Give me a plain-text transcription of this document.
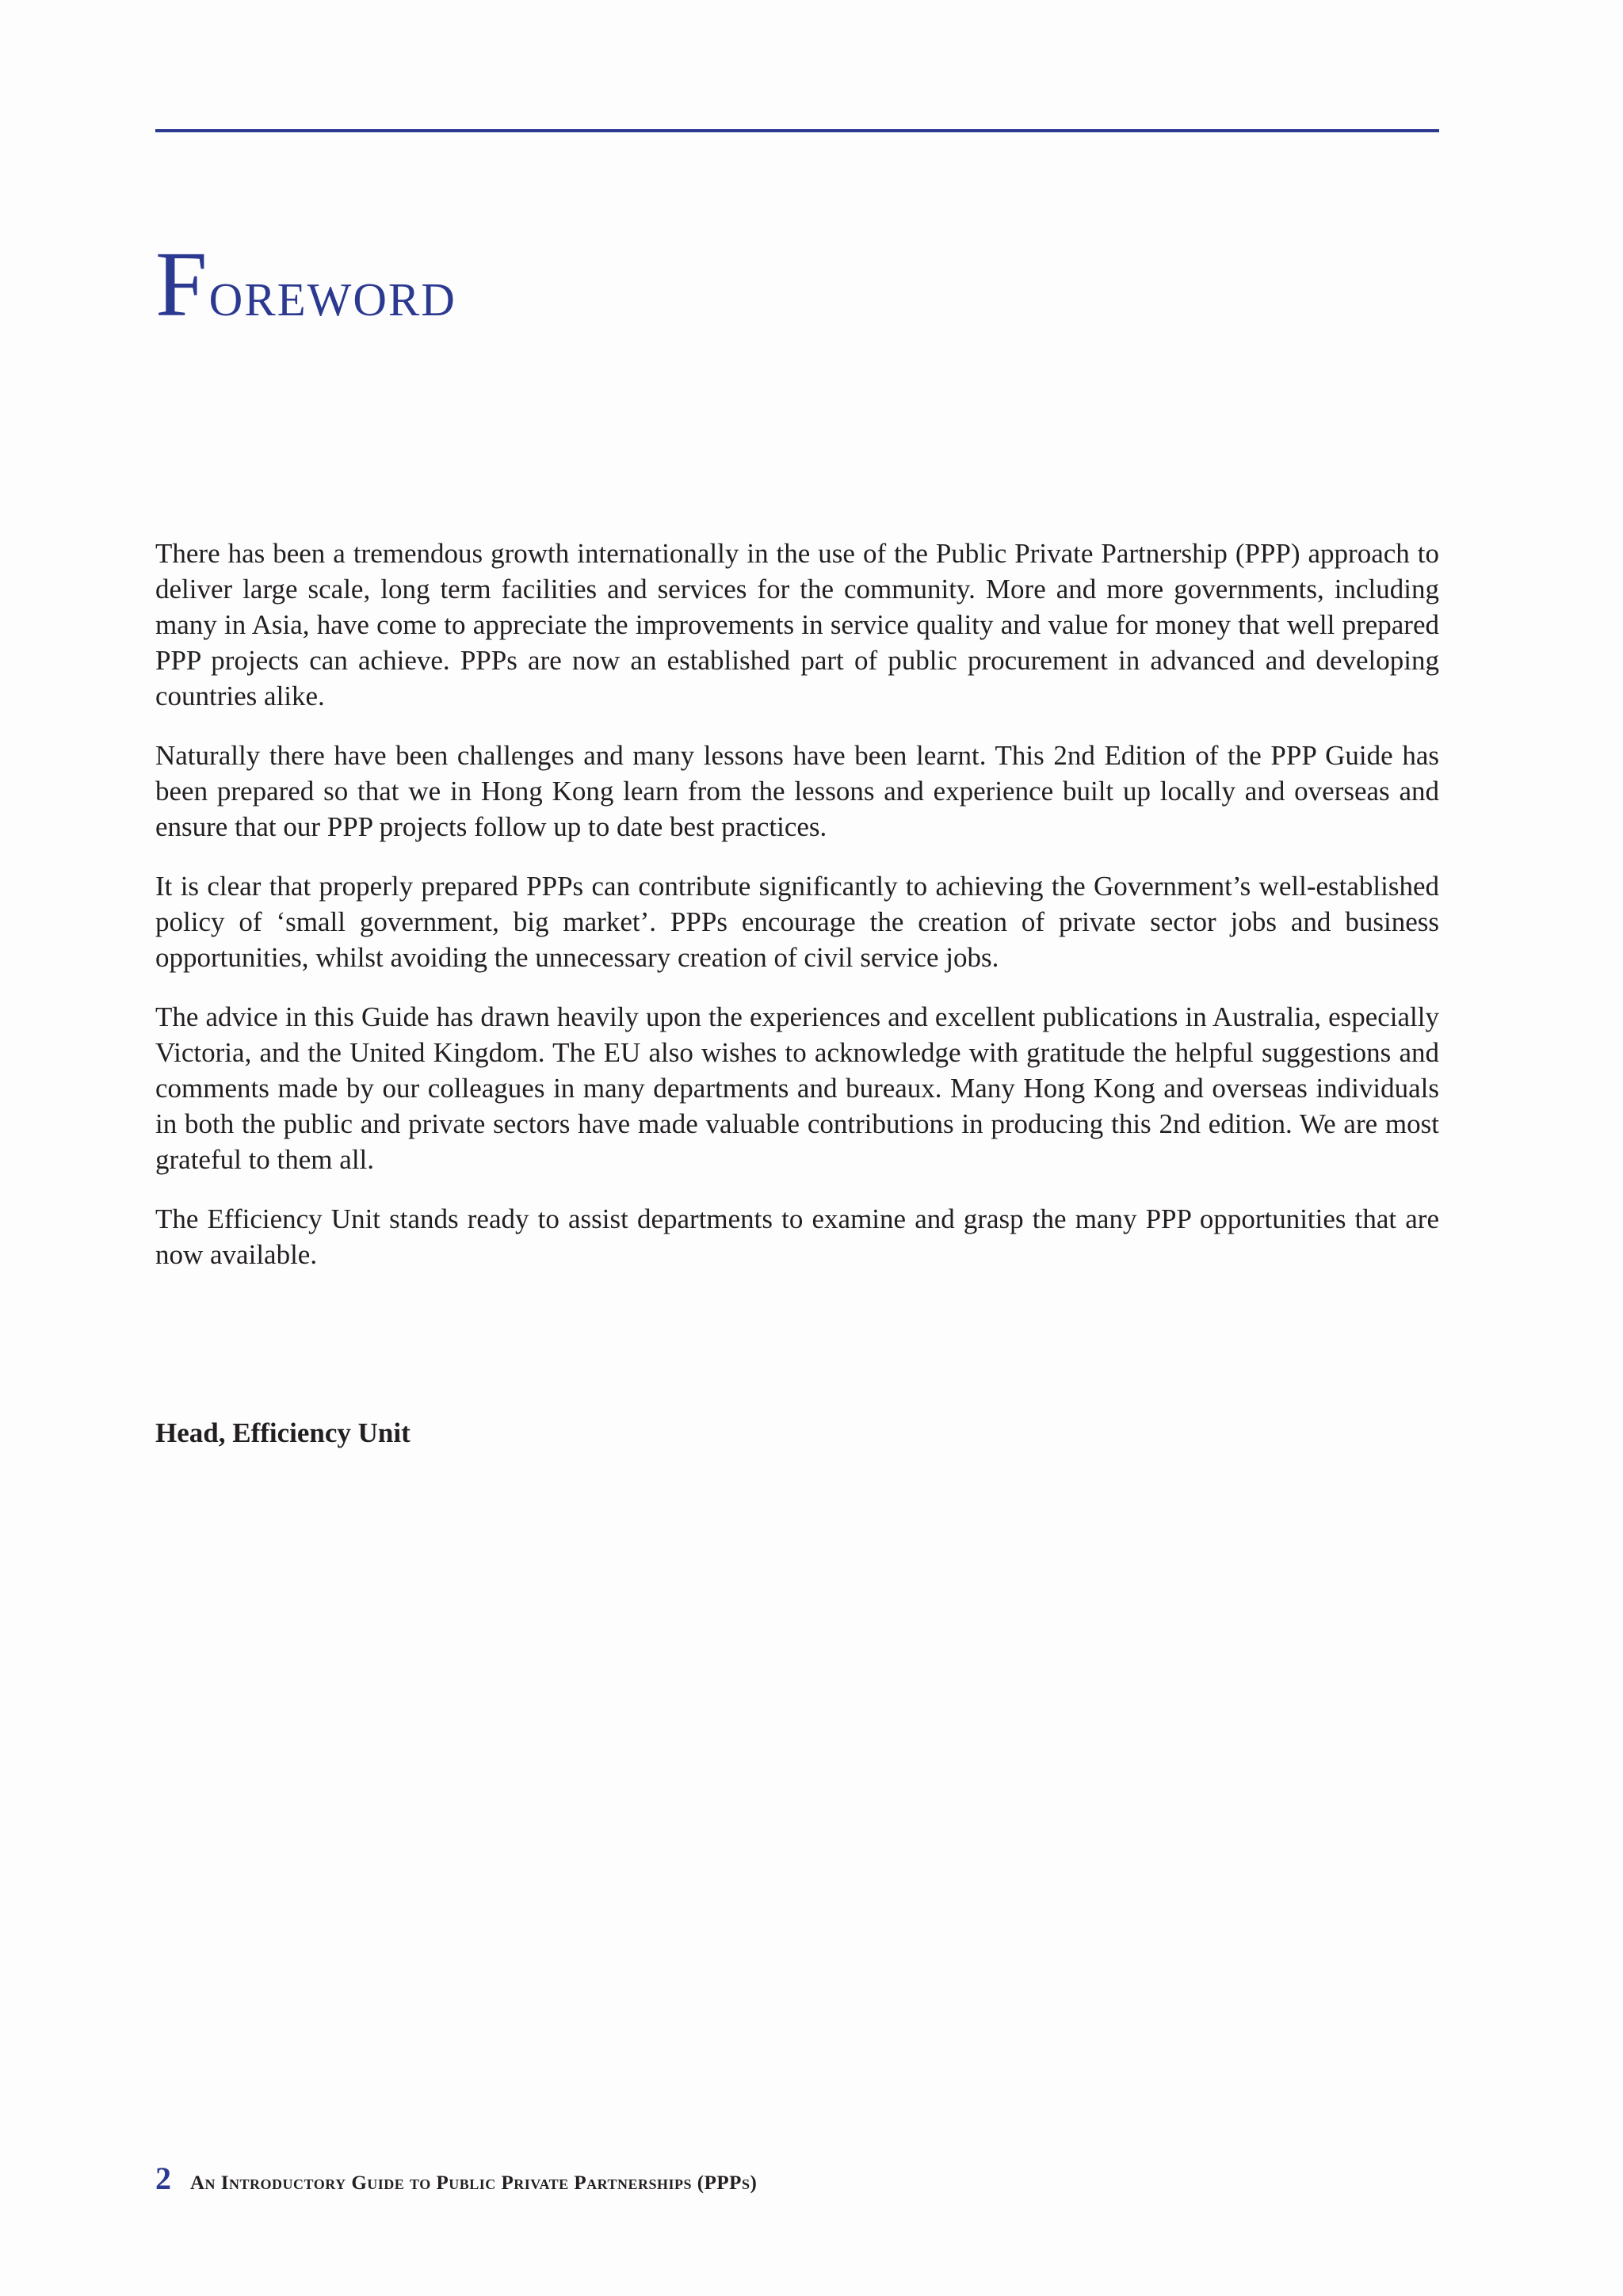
Foreword

There has been a tremendous growth internationally in the use of the Public Private Partnership (PPP) approach to deliver large scale, long term facilities and services for the community. More and more governments, including many in Asia, have come to appreciate the improvements in service quality and value for money that well prepared PPP projects can achieve. PPPs are now an established part of public procurement in advanced and developing countries alike.

Naturally there have been challenges and many lessons have been learnt. This 2nd Edition of the PPP Guide has been prepared so that we in Hong Kong learn from the lessons and experience built up locally and overseas and ensure that our PPP projects follow up to date best practices.

It is clear that properly prepared PPPs can contribute significantly to achieving the Government’s well-established policy of ‘small government, big market’. PPPs encourage the creation of private sector jobs and business opportunities, whilst avoiding the unnecessary creation of civil service jobs.

The advice in this Guide has drawn heavily upon the experiences and excellent publications in Australia, especially Victoria, and the United Kingdom. The EU also wishes to acknowledge with gratitude the helpful suggestions and comments made by our colleagues in many departments and bureaux. Many Hong Kong and overseas individuals in both the public and private sectors have made valuable contributions in producing this 2nd edition. We are most grateful to them all.

The Efficiency Unit stands ready to assist departments to examine and grasp the many PPP opportunities that are now available.

Head, Efficiency Unit

2 An Introductory Guide to Public Private Partnerships (PPPs)
